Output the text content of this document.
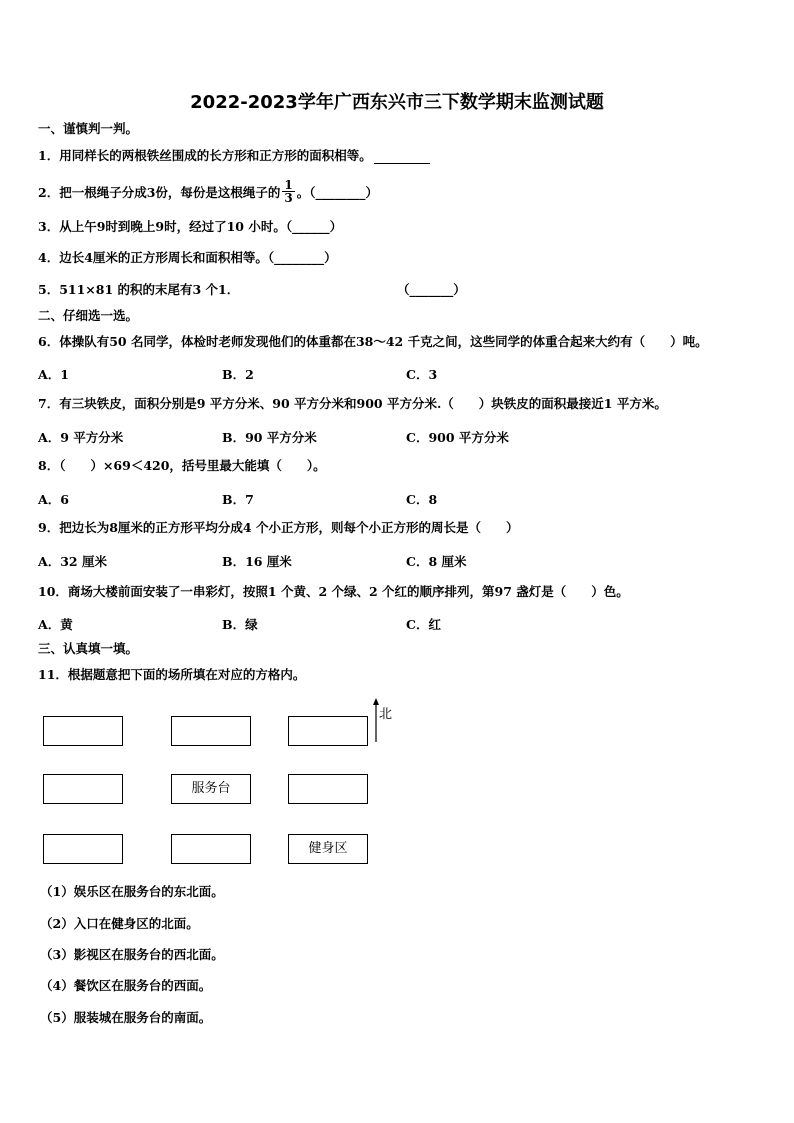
2022-2023学年广西东兴市三下数学期末监测试题
一、谨慎判一判。
1．用同样长的两根铁丝围成的长方形和正方形的面积相等。
2．把一根绳子分成3份，每份是这根绳子的 $\frac{1}{3}$ 。（________）
3．从上午9时到晚上9时，经过了10 小时。（______）
4．边长4厘米的正方形周长和面积相等。（________）
5．511×81 的积的末尾有3 个1．	（_______）
二、仔细选一选。
6．体操队有50 名同学，体检时老师发现他们的体重都在38～42 千克之间，这些同学的体重合起来大约有（　　）吨。
A．1	B．2	C．3
7．有三块铁皮，面积分别是9 平方分米、90 平方分米和900 平方分米.（　　）块铁皮的面积最接近1 平方米。
A．9 平方分米	B．90 平方分米	C．900 平方分米
8．（　　）×69＜420，括号里最大能填（　　）。
A．6	B．7	C．8
9．把边长为8厘米的正方形平均分成4 个小正方形，则每个小正方形的周长是（　　）
A．32 厘米	B．16 厘米	C．8 厘米
10．商场大楼前面安装了一串彩灯，按照1 个黄、2 个绿、2 个红的顺序排列，第97 盏灯是（　　）色。
A．黄	B．绿	C．红
三、认真填一填。
11．根据题意把下面的场所填在对应的方格内。
服务台
健身区
北
（1）娱乐区在服务台的东北面。
（2）入口在健身区的北面。
（3）影视区在服务台的西北面。
（4）餐饮区在服务台的西面。
（5）服装城在服务台的南面。
